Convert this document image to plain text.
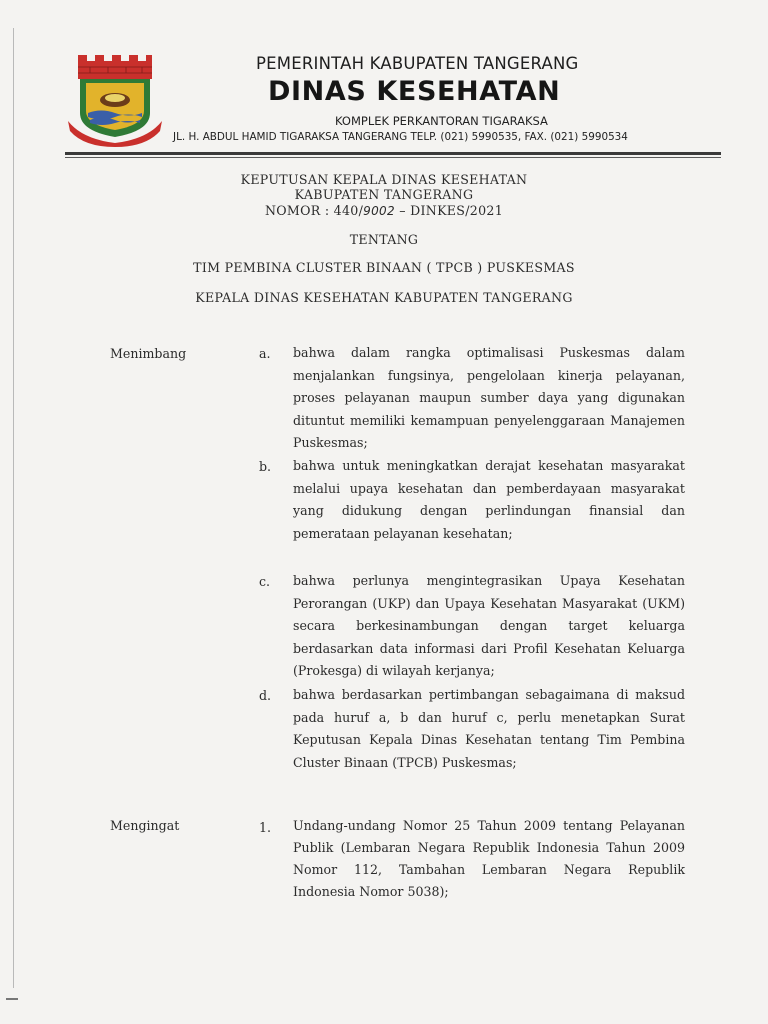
PEMERINTAH KABUPATEN TANGERANG
DINAS KESEHATAN
KOMPLEK PERKANTORAN TIGARAKSA
JL. H. ABDUL HAMID TIGARAKSA TANGERANG TELP. (021) 5990535, FAX. (021) 5990534
KEPUTUSAN KEPALA DINAS KESEHATAN
KABUPATEN TANGERANG
NOMOR : 440/9002 – DINKES/2021
TENTANG
TIM PEMBINA CLUSTER BINAAN ( TPCB ) PUSKESMAS
KEPALA DINAS KESEHATAN KABUPATEN TANGERANG
Menimbang	a. bahwa dalam rangka optimalisasi Puskesmas dalam menjalankan fungsinya, pengelolaan kinerja pelayanan, proses pelayanan maupun sumber daya yang digunakan dituntut memiliki kemampuan penyelenggaraan Manajemen Puskesmas;
b. bahwa untuk meningkatkan derajat kesehatan masyarakat melalui upaya kesehatan dan pemberdayaan masyarakat yang didukung dengan perlindungan finansial dan pemerataan pelayanan kesehatan;
c. bahwa perlunya mengintegrasikan Upaya Kesehatan Perorangan (UKP) dan Upaya Kesehatan Masyarakat (UKM) secara berkesinambungan dengan target keluarga berdasarkan data informasi dari Profil Kesehatan Keluarga (Prokesga) di wilayah kerjanya;
d. bahwa berdasarkan pertimbangan sebagaimana di maksud pada huruf a, b dan huruf c, perlu menetapkan Surat Keputusan Kepala Dinas Kesehatan tentang Tim Pembina Cluster Binaan (TPCB) Puskesmas;
Mengingat	1. Undang-undang Nomor 25 Tahun 2009 tentang Pelayanan Publik (Lembaran Negara Republik Indonesia Tahun 2009 Nomor 112, Tambahan Lembaran Negara Republik Indonesia Nomor 5038);
